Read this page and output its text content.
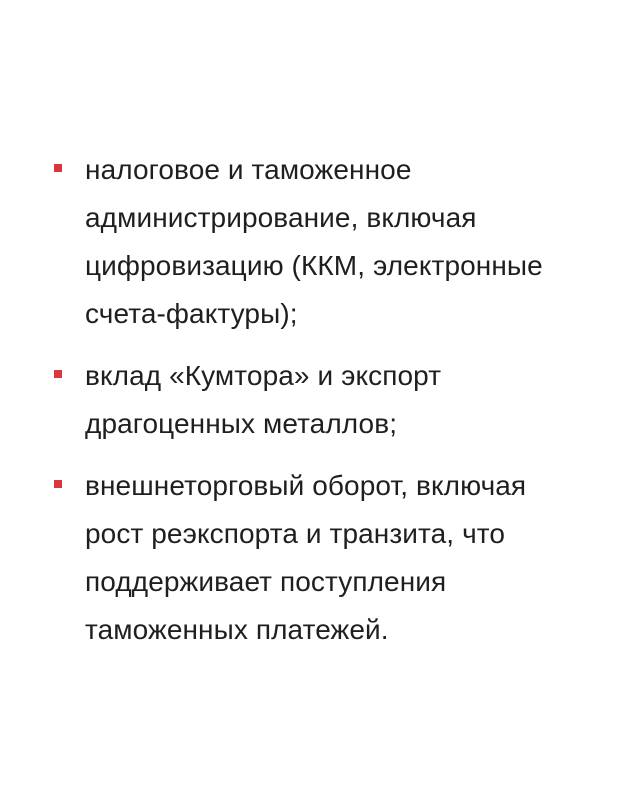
налоговое и таможенное
администрирование, включая
цифровизацию (ККМ, электронные
счета-фактуры);
вклад «Кумтора» и экспорт
драгоценных металлов;
внешнеторговый оборот, включая
рост реэкспорта и транзита, что
поддерживает поступления
таможенных платежей.
